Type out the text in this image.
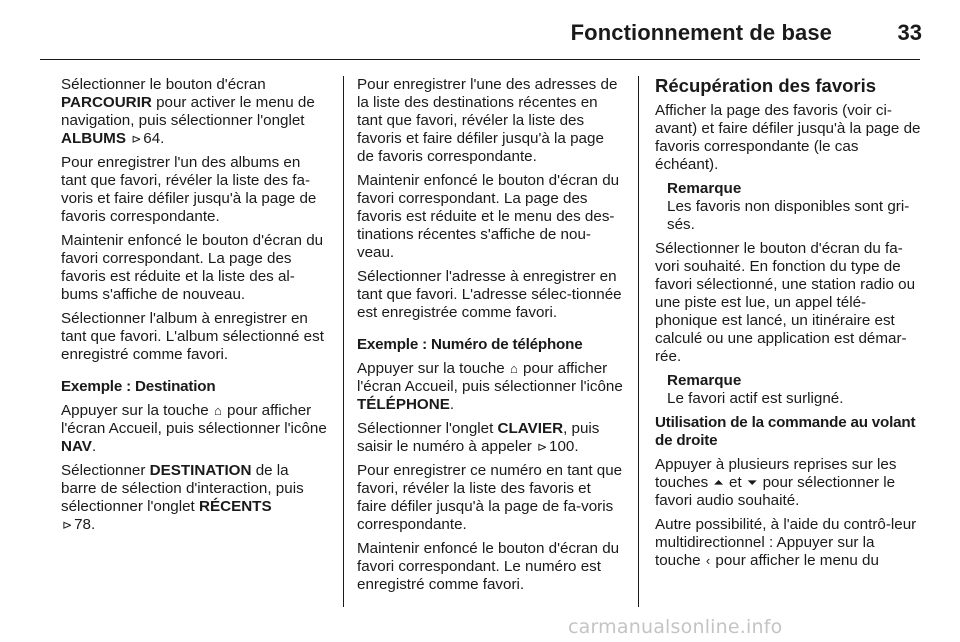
Fonctionnement de base	33

Sélectionner le bouton d'écran PARCOURIR pour activer le menu de navigation, puis sélectionner l'onglet ALBUMS ⊳ 64.

Pour enregistrer l'un des albums en tant que favori, révéler la liste des fa-voris et faire défiler jusqu'à la page de favoris correspondante.

Maintenir enfoncé le bouton d'écran du favori correspondant. La page des favoris est réduite et la liste des al-bums s'affiche de nouveau.

Sélectionner l'album à enregistrer en tant que favori. L'album sélectionné est enregistré comme favori.

Exemple : Destination

Appuyer sur la touche ⌂ pour afficher l'écran Accueil, puis sélectionner l'icône NAV.

Sélectionner DESTINATION de la barre de sélection d'interaction, puis sélectionner l'onglet RÉCENTS
⊳ 78.

Pour enregistrer l'une des adresses de la liste des destinations récentes en tant que favori, révéler la liste des favoris et faire défiler jusqu'à la page de favoris correspondante.

Maintenir enfoncé le bouton d'écran du favori correspondant. La page des favoris est réduite et le menu des des-tinations récentes s'affiche de nou-veau.

Sélectionner l'adresse à enregistrer en tant que favori. L'adresse sélec-tionnée est enregistrée comme favori.

Exemple : Numéro de téléphone

Appuyer sur la touche ⌂ pour afficher l'écran Accueil, puis sélectionner l'icône TÉLÉPHONE.

Sélectionner l'onglet CLAVIER, puis saisir le numéro à appeler ⊳ 100.

Pour enregistrer ce numéro en tant que favori, révéler la liste des favoris et faire défiler jusqu'à la page de fa-voris correspondante.

Maintenir enfoncé le bouton d'écran du favori correspondant. Le numéro est enregistré comme favori.

Récupération des favoris

Afficher la page des favoris (voir ci-avant) et faire défiler jusqu'à la page de favoris correspondante (le cas échéant).

Remarque
Les favoris non disponibles sont gri-sés.

Sélectionner le bouton d'écran du fa-vori souhaité. En fonction du type de favori sélectionné, une station radio ou une piste est lue, un appel télé-phonique est lancé, un itinéraire est calculé ou une application est démar-rée.

Remarque
Le favori actif est surligné.

Utilisation de la commande au volant de droite

Appuyer à plusieurs reprises sur les touches ⏶ et ⏷ pour sélectionner le favori audio souhaité.

Autre possibilité, à l'aide du contrô-leur multidirectionnel : Appuyer sur la touche ‹ pour afficher le menu du

carmanualsonline.info
